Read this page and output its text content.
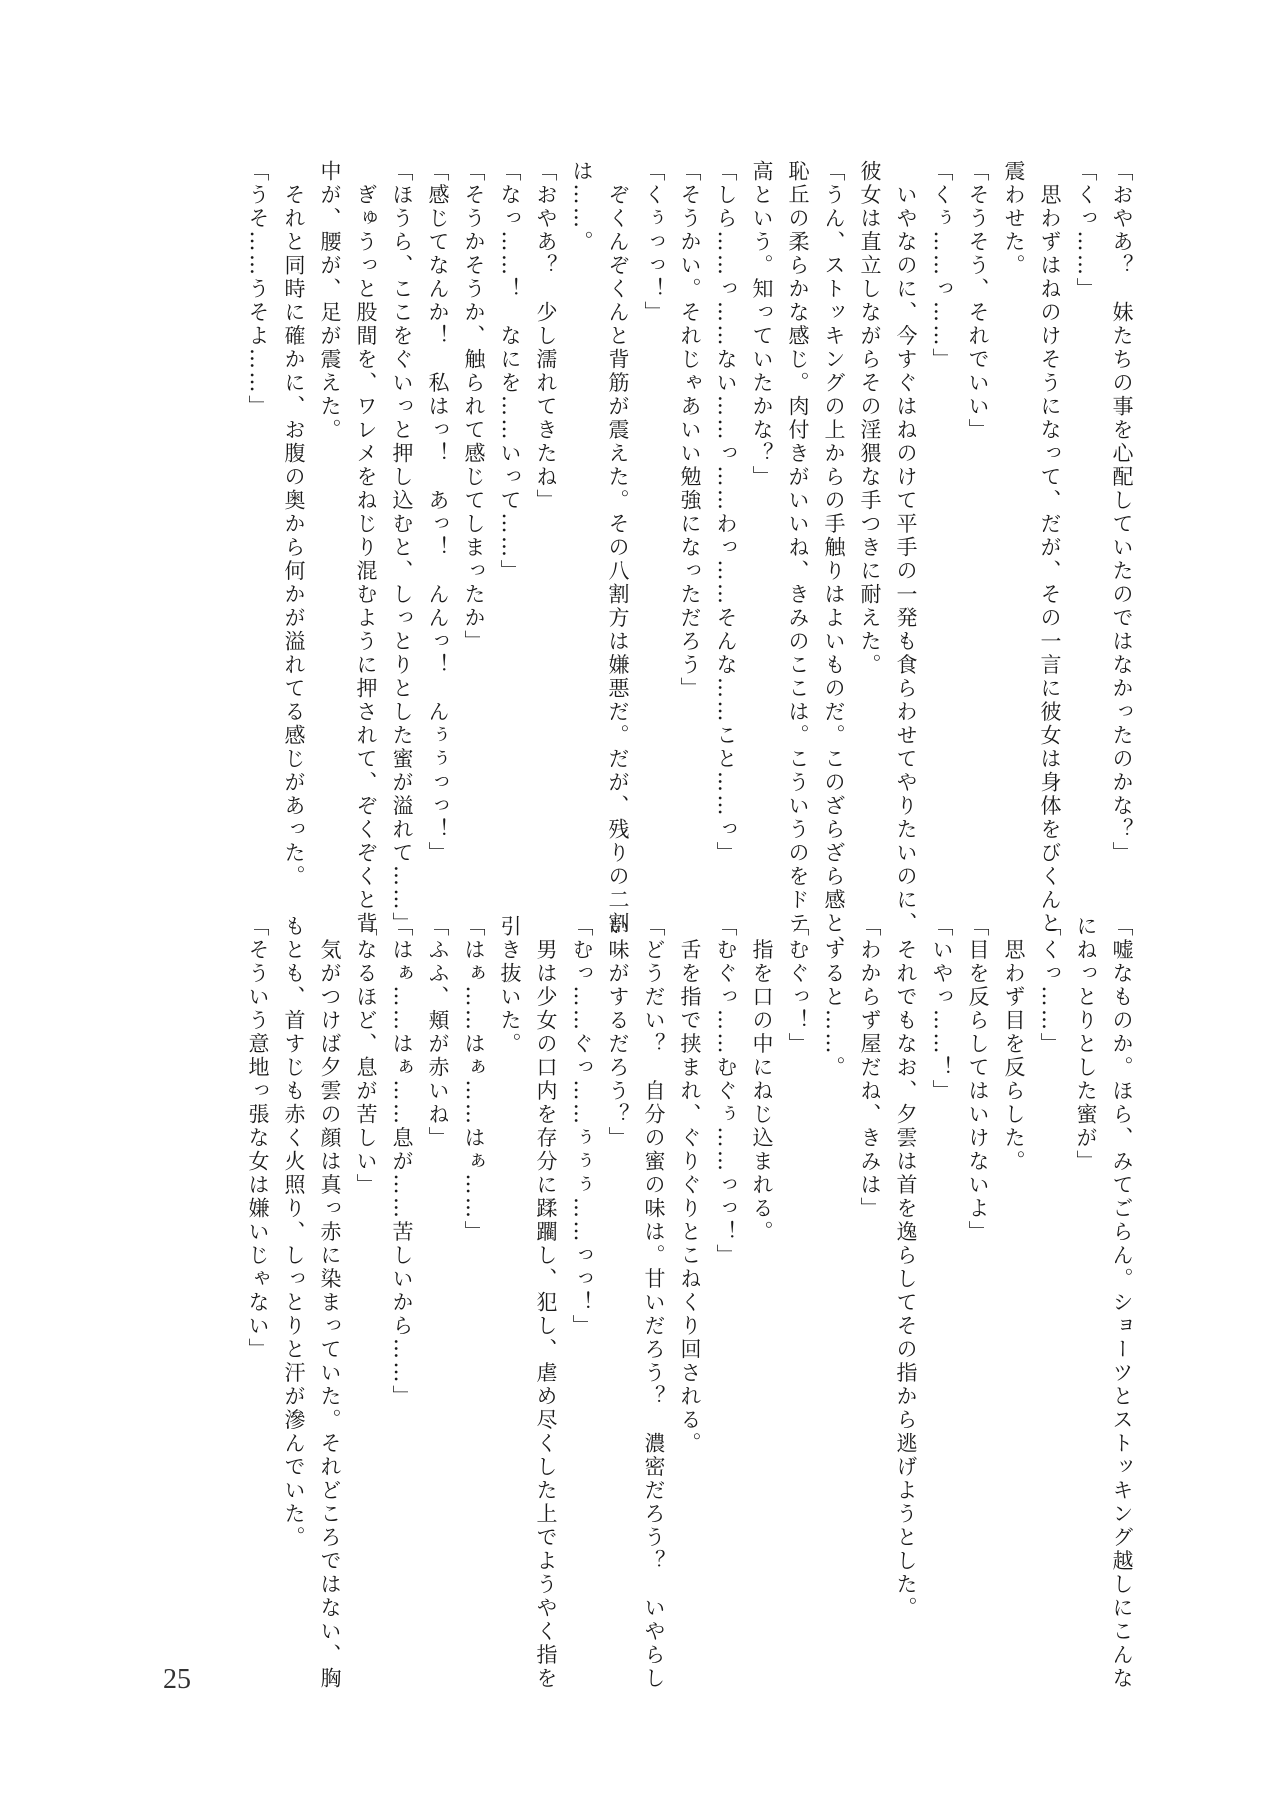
「おやあ？　妹たちの事を心配していたのではなかったのかな？」
「くっ……」
　思わずはねのけそうになって、だが、その一言に彼女は身体をびくんと
震わせた。
「そうそう、それでいい」
「くぅ……っ……」
　いやなのに、今すぐはねのけて平手の一発も食らわせてやりたいのに、
彼女は直立しながらその淫猥な手つきに耐えた。
「うん、ストッキングの上からの手触りはよいものだ。このざらざら感と、
恥丘の柔らかな感じ。肉付きがいいね、きみのここは。こういうのをドテ
高という。知っていたかな？」
「しら……っ……ない……っ……わっ……そんな……こと……っ」
「そうかい。それじゃあいい勉強になっただろう」
「くぅっっ！」
　ぞくんぞくんと背筋が震えた。その八割方は嫌悪だ。だが、残りの二割
は……。
「おやあ？　少し濡れてきたね」
「なっ……！　なにを……いって……」
「そうかそうか、触られて感じてしまったか」
「感じてなんか！　私はっ！　あっ！　んんっ！　んぅぅっっ！」
「ほうら、ここをぐいっと押し込むと、しっとりとした蜜が溢れて……」
　ぎゅうっと股間を、ワレメをねじり混むように押されて、ぞくぞくと背
中が、腰が、足が震えた。
　それと同時に確かに、お腹の奥から何かが溢れてる感じがあった。
「うそ……うそよ……」
「嘘なものか。ほら、みてごらん。ショーツとストッキング越しにこんな
にねっとりとした蜜が」
「くっ……」
　思わず目を反らした。
「目を反らしてはいけないよ」
「いやっ……！」
　それでもなお、夕雲は首を逸らしてその指から逃げようとした。
「わからず屋だね、きみは」
　すると……。
「むぐっ！」
　指を口の中にねじ込まれる。
「むぐっ……むぐぅ……っっ！」
　舌を指で挟まれ、ぐりぐりとこねくり回される。
「どうだい？　自分の蜜の味は。甘いだろう？　濃密だろう？　いやらし
い味がするだろう？」
「むっ……ぐっ……ぅぅぅ……っっ！」
　男は少女の口内を存分に蹂躙し、犯し、虐め尽くした上でようやく指を
引き抜いた。
「はぁ……はぁ……はぁ……」
「ふふ、頬が赤いね」
「はぁ……はぁ……息が……苦しいから……」
「なるほど、息が苦しい」
　気がつけば夕雲の顔は真っ赤に染まっていた。それどころではない、胸
もとも、首すじも赤く火照り、しっとりと汗が滲んでいた。
「そういう意地っ張な女は嫌いじゃない」
25
